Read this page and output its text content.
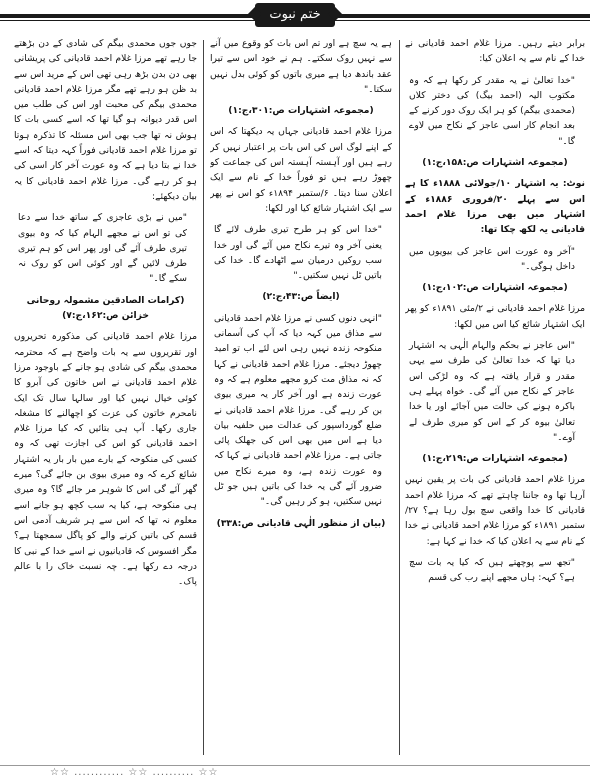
ختم نبوت

برابر دیتے رہیں۔ مرزا غلام احمد قادیانی نے خدا کے نام سے یہ اعلان کیا:

"خدا تعالیٰ نے یہ مقدر کر رکھا ہے کہ وہ مکتوب الیہ (احمد بیگ) کی دختر کلاں (محمدی بیگم) کو ہر ایک روک دور کرنے کے بعد انجام کار اسی عاجز کے نکاح میں لاوے گا۔"

(مجموعہ اشتہارات ص:۱۵۸،ج:۱)

نوٹ: یہ اشتہار ۱۰/جولائی ۱۸۸۸ء کا ہے اس سے پہلے ۲۰/فروری ۱۸۸۶ء کے اشتہار میں بھی مرزا غلام احمد قادیانی یہ لکھ چکا تھا:

"آخر وہ عورت اس عاجز کی بیویوں میں داخل ہوگی۔"

(مجموعہ اشتہارات ص:۱۰۲،ج:۱)

مرزا غلام احمد قادیانی نے ۲/مئی ۱۸۹۱ء کو پھر ایک اشتہار شائع کیا اس میں لکھا:

"اس عاجز نے بحکم والہام الٰہی یہ اشتہار دیا تھا کہ خدا تعالیٰ کی طرف سے یہی مقدر و قرار یافتہ ہے کہ وہ لڑکی اس عاجز کے نکاح میں آئے گی۔ خواہ پہلے ہی باکرہ ہونے کی حالت میں آجائے اور یا خدا تعالیٰ بیوہ کر کے اس کو میری طرف لے آوے۔"

(مجموعہ اشتہارات ص:۲۱۹،ج:۱)

مرزا غلام احمد قادیانی کی بات پر یقین نہیں آرہا تھا وہ جاننا چاہتے تھے کہ مرزا غلام احمد قادیانی کا خدا واقعی سچ بول رہا ہے؟ ۲۷/ستمبر ۱۸۹۱ء کو مرزا غلام احمد قادیانی نے خدا کے نام سے یہ اعلان کیا کہ خدا نے کہا ہے:

"تجھ سے پوچھتے ہیں کہ کیا یہ بات سچ ہے؟ کہہ: ہاں مجھے اپنے رب کی قسم

ہے یہ سچ ہے اور تم اس بات کو وقوع میں آنے سے نہیں روک سکتے۔ ہم نے خود اس سے تیرا عقد باندھ دیا ہے میری باتوں کو کوئی بدل نہیں سکتا۔"

(مجموعہ اشتہارات ص:۳۰۱،ج:۱)

مرزا غلام احمد قادیانی جہاں یہ دیکھتا کہ اس کے اپنے لوگ اس کی اس بات پر اعتبار نہیں کر رہے ہیں اور آہستہ آہستہ اس کی جماعت کو چھوڑ رہے ہیں تو فوراً خدا کے نام سے ایک اعلان سنا دیتا۔ ۶/ستمبر ۱۸۹۴ء کو اس نے پھر سے ایک اشتہار شائع کیا اور لکھا:

"خدا اس کو ہر طرح تیری طرف لائے گا یعنی آخر وہ تیرے نکاح میں آئے گی اور خدا سب روکیں درمیان سے اٹھادے گا۔ خدا کی باتیں ٹل نہیں سکتیں۔"

(ایضاً ص:۴۳،ج:۲)

"انہی دنوں کسی نے مرزا غلام احمد قادیانی سے مذاق میں کہہ دیا کہ آپ کی آسمانی منکوحہ زندہ نہیں رہی اس لئے اب تو امید چھوڑ دیجئے۔ مرزا غلام احمد قادیانی نے کہا کہ نہ مذاق مت کرو مجھے معلوم ہے کہ وہ عورت زندہ ہے اور آخر کار یہ میری بیوی بن کر رہے گی۔ مرزا غلام احمد قادیانی نے ضلع گورداسپور کی عدالت میں حلفیہ بیان دیا ہے اس میں بھی اس کی جھلک پائی جاتی ہے۔ مرزا غلام احمد قادیانی نے کہا کہ وہ عورت زندہ ہے، وہ میرے نکاح میں ضرور آئے گی یہ خدا کی باتیں ہیں جو ٹل نہیں سکتیں، ہو کر رہیں گی۔"

(بیان از منظور الٰہی قادیانی ص:۳۳۸)

جوں جوں محمدی بیگم کی شادی کے دن بڑھتے جا رہے تھے مرزا غلام احمد قادیانی کی پریشانی بھی دن بدن بڑھ رہی تھی اس کے مرید اس سے بد ظن ہو رہے تھے مگر مرزا غلام احمد قادیانی محمدی بیگم کی محبت اور اس کی طلب میں اس قدر دیوانہ ہو گیا تھا کہ اسے کسی بات کا ہوش نہ تھا جب بھی اس مسئلہ کا تذکرہ ہوتا تو مرزا غلام احمد قادیانی فوراً کہہ دیتا کہ اسے خدا نے بتا دیا ہے کہ وہ عورت آخر کار اسی کی ہو کر رہے گی۔ مرزا غلام احمد قادیانی کا یہ بیان دیکھئے:

"میں نے بڑی عاجزی کے ساتھ خدا سے دعا کی تو اس نے مجھے الہام کیا کہ وہ بیوی تیری طرف آئے گی اور پھر اس کو ہم تیری طرف لائیں گے اور کوئی اس کو روک نہ سکے گا۔"

(کرامات الصادقین مشمولہ روحانی خزائن ص:۱۶۲،ج:۷)

مرزا غلام احمد قادیانی کی مذکورہ تحریروں اور تقریروں سے یہ بات واضح ہے کہ محترمہ محمدی بیگم کی شادی ہو جانے کے باوجود مرزا غلام احمد قادیانی نے اس خاتون کی آبرو کا کوئی خیال نہیں کیا اور سالہا سال تک ایک نامحرم خاتون کی عزت کو اچھالنے کا مشغلہ جاری رکھا۔ آپ ہی بتائیں کہ کیا مرزا غلام احمد قادیانی کو اس کی اجازت تھی کہ وہ کسی کی منکوحہ کے بارے میں بار بار یہ اشتہار شائع کرے کہ وہ میری بیوی بن جائے گی؟ میرے گھر آئے گی اس کا شوہر مر جائے گا؟ وہ میری ہی منکوحہ ہے، کیا یہ سب کچھ ہو جانے اسے معلوم نہ تھا کہ اس سے ہر شریف آدمی اس قسم کی باتیں کرنے والے کو پاگل سمجھتا ہے؟ مگر افسوس کہ قادیانیوں نے اسے خدا کے نبی کا درجہ دے رکھا ہے۔ چہ نسبت خاک را با عالم پاک۔

☆☆ ............ ☆☆ .......... ☆☆
